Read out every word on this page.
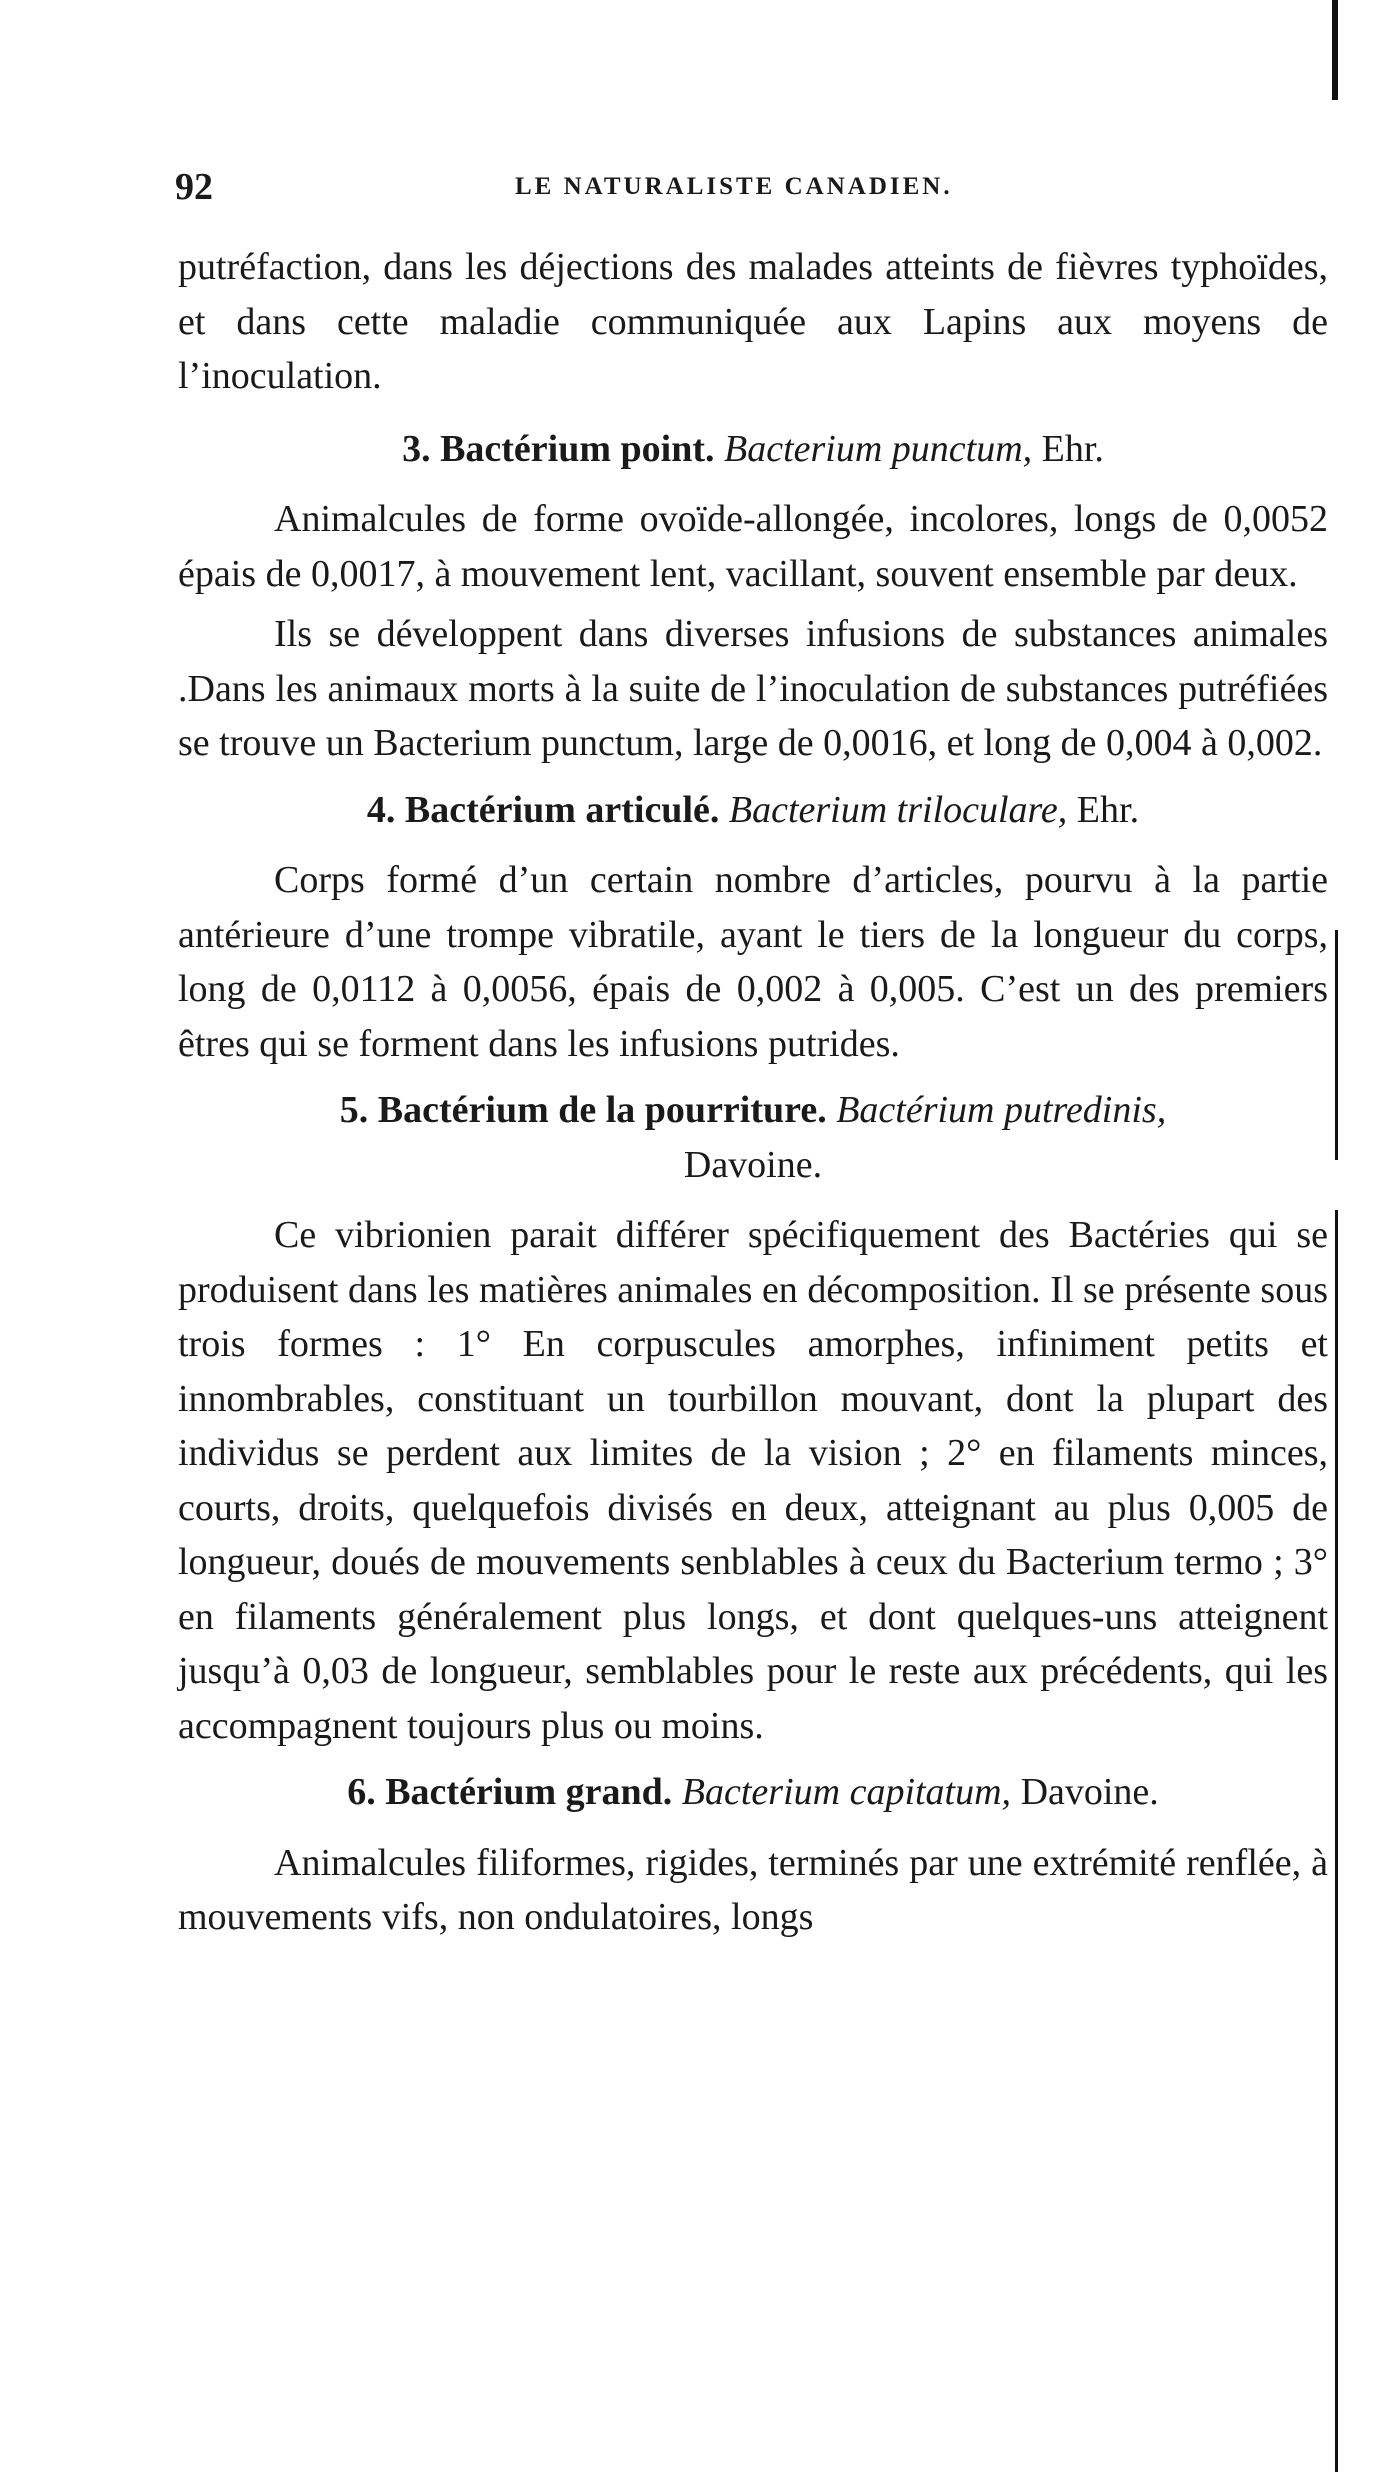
92	LE NATURALISTE CANADIEN.

putréfaction, dans les déjections des malades atteints de fièvres typhoïdes, et dans cette maladie communiquée aux Lapins aux moyens de l’inoculation.

3. Bactérium point. Bacterium punctum, Ehr.

Animalcules de forme ovoïde-allongée, incolores, longs de 0,0052 épais de 0,0017, à mouvement lent, vacillant, souvent ensemble par deux.

Ils se développent dans diverses infusions de substances animales .Dans les animaux morts à la suite de l’inoculation de substances putréfiées se trouve un Bacterium punctum, large de 0,0016, et long de 0,004 à 0,002.

4. Bactérium articulé. Bacterium triloculare, Ehr.

Corps formé d’un certain nombre d’articles, pourvu à la partie antérieure d’une trompe vibratile, ayant le tiers de la longueur du corps, long de 0,0112 à 0,0056, épais de 0,002 à 0,005. C’est un des premiers êtres qui se forment dans les infusions putrides.

5. Bactérium de la pourriture. Bactérium putredinis,
Davoine.

Ce vibrionien parait différer spécifiquement des Bactéries qui se produisent dans les matières animales en décomposition. Il se présente sous trois formes : 1° En corpuscules amorphes, infiniment petits et innombrables, constituant un tourbillon mouvant, dont la plupart des individus se perdent aux limites de la vision ; 2° en filaments minces, courts, droits, quelquefois divisés en deux, atteignant au plus 0,005 de longueur, doués de mouvements senblables à ceux du Bacterium termo ; 3° en filaments généralement plus longs, et dont quelques-uns atteignent jusqu’à 0,03 de longueur, semblables pour le reste aux précédents, qui les accompagnent toujours plus ou moins.

6. Bactérium grand. Bacterium capitatum, Davoine.

Animalcules filiformes, rigides, terminés par une extrémité renflée, à mouvements vifs, non ondulatoires, longs
